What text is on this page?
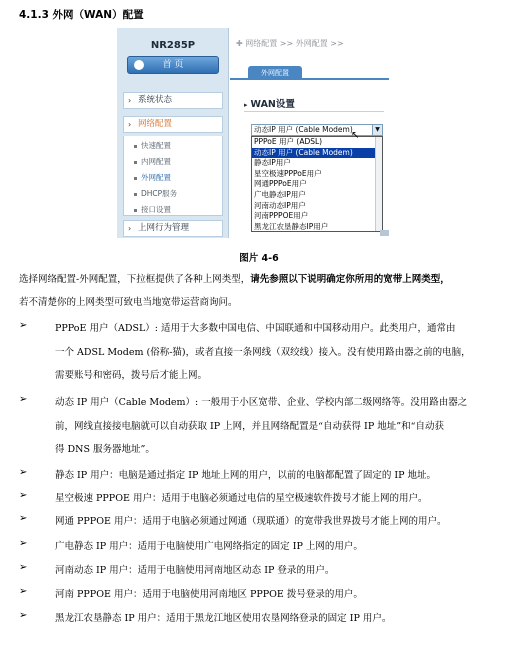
4.1.3 外网（WAN）配置
NR285P
首 页
› 系统状态
› 网络配置
快速配置
内网配置
外网配置
DHCP服务
接口设置
› 上网行为管理
✚ 网络配置 >> 外网配置 >>
外网配置
▸ WAN设置
动态IP 用户 (Cable Modem)	▼
PPPoE 用户 (ADSL)
动态IP 用户 (Cable Modem)
静态IP用户
星空极速PPPoE用户
网通PPPoE用户
广电静态IP用户
河南动态IP用户
河南PPPOE用户
黑龙江农垦静态IP用户
↖
图片 4-6
选择网络配置-外网配置，下拉框提供了各种上网类型，请先参照以下说明确定你所用的宽带上网类型，
若不清楚你的上网类型可致电当地宽带运营商询问。
➢	PPPoE 用户（ADSL）: 适用于大多数中国电信、中国联通和中国移动用户。此类用户，通常由
一个 ADSL Modem (俗称-猫)，或者直接一条网线（双绞线）接入。没有使用路由器之前的电脑，
需要账号和密码，拨号后才能上网。
➢	动态 IP 用户（Cable Modem）: 一般用于小区宽带、企业、学校内部二级网络等。没用路由器之
前，网线直接接电脑就可以自动获取 IP 上网，并且网络配置是“自动获得 IP 地址”和“自动获
得 DNS 服务器地址”。
➢	静态 IP 用户：电脑是通过指定 IP 地址上网的用户，以前的电脑都配置了固定的 IP 地址。
➢	星空极速 PPPOE 用户：适用于电脑必须通过电信的星空极速软件拨号才能上网的用户。
➢	网通 PPPOE 用户：适用于电脑必须通过网通（现联通）的宽带我世界拨号才能上网的用户。
➢	广电静态 IP 用户：适用于电脑使用广电网络指定的固定 IP 上网的用户。
➢	河南动态 IP 用户：适用于电脑使用河南地区动态 IP 登录的用户。
➢	河南 PPPOE 用户：适用于电脑使用河南地区 PPPOE 拨号登录的用户。
➢	黑龙江农垦静态 IP 用户：适用于黑龙江地区使用农垦网络登录的固定 IP 用户。
